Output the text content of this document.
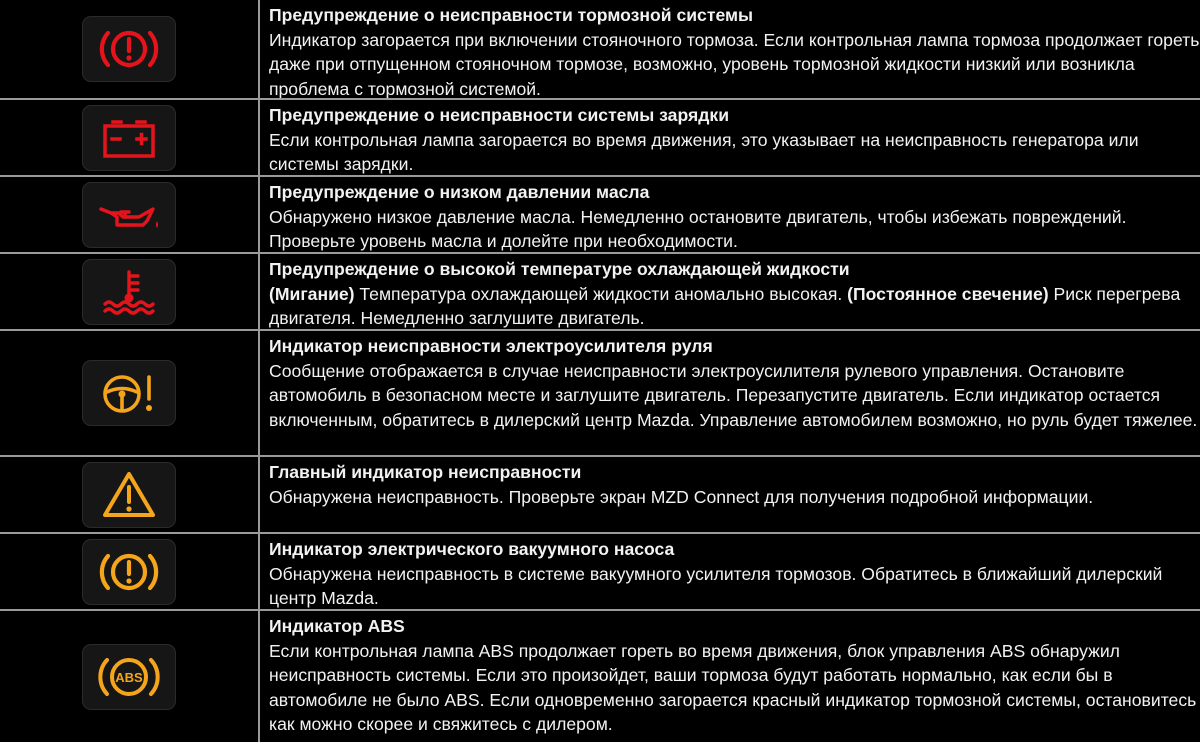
Предупреждение о неисправности тормозной системы
Индикатор загорается при включении стояночного тормоза. Если контрольная лампа тормоза продолжает гореть даже при отпущенном стояночном тормозе, возможно, уровень тормозной жидкости низкий или возникла проблема с тормозной системой.
Предупреждение о неисправности системы зарядки
Если контрольная лампа загорается во время движения, это указывает на неисправность генератора или системы зарядки.
Предупреждение о низком давлении масла
Обнаружено низкое давление масла. Немедленно остановите двигатель, чтобы избежать повреждений. Проверьте уровень масла и долейте при необходимости.
Предупреждение о высокой температуре охлаждающей жидкости
(Мигание) Температура охлаждающей жидкости аномально высокая. (Постоянное свечение) Риск перегрева двигателя. Немедленно заглушите двигатель.
Индикатор неисправности электроусилителя руля
Сообщение отображается в случае неисправности электроусилителя рулевого управления. Остановите автомобиль в безопасном месте и заглушите двигатель. Перезапустите двигатель. Если индикатор остается включенным, обратитесь в дилерский центр Mazda. Управление автомобилем возможно, но руль будет тяжелее.
Главный индикатор неисправности
Обнаружена неисправность. Проверьте экран MZD Connect для получения подробной информации.
Индикатор электрического вакуумного насоса
Обнаружена неисправность в системе вакуумного усилителя тормозов. Обратитесь в ближайший дилерский центр Mazda.
ABS
Индикатор ABS
Если контрольная лампа ABS продолжает гореть во время движения, блок управления ABS обнаружил неисправность системы. Если это произойдет, ваши тормоза будут работать нормально, как если бы в автомобиле не было ABS. Если одновременно загорается красный индикатор тормозной системы, остановитесь как можно скорее и свяжитесь с дилером.
